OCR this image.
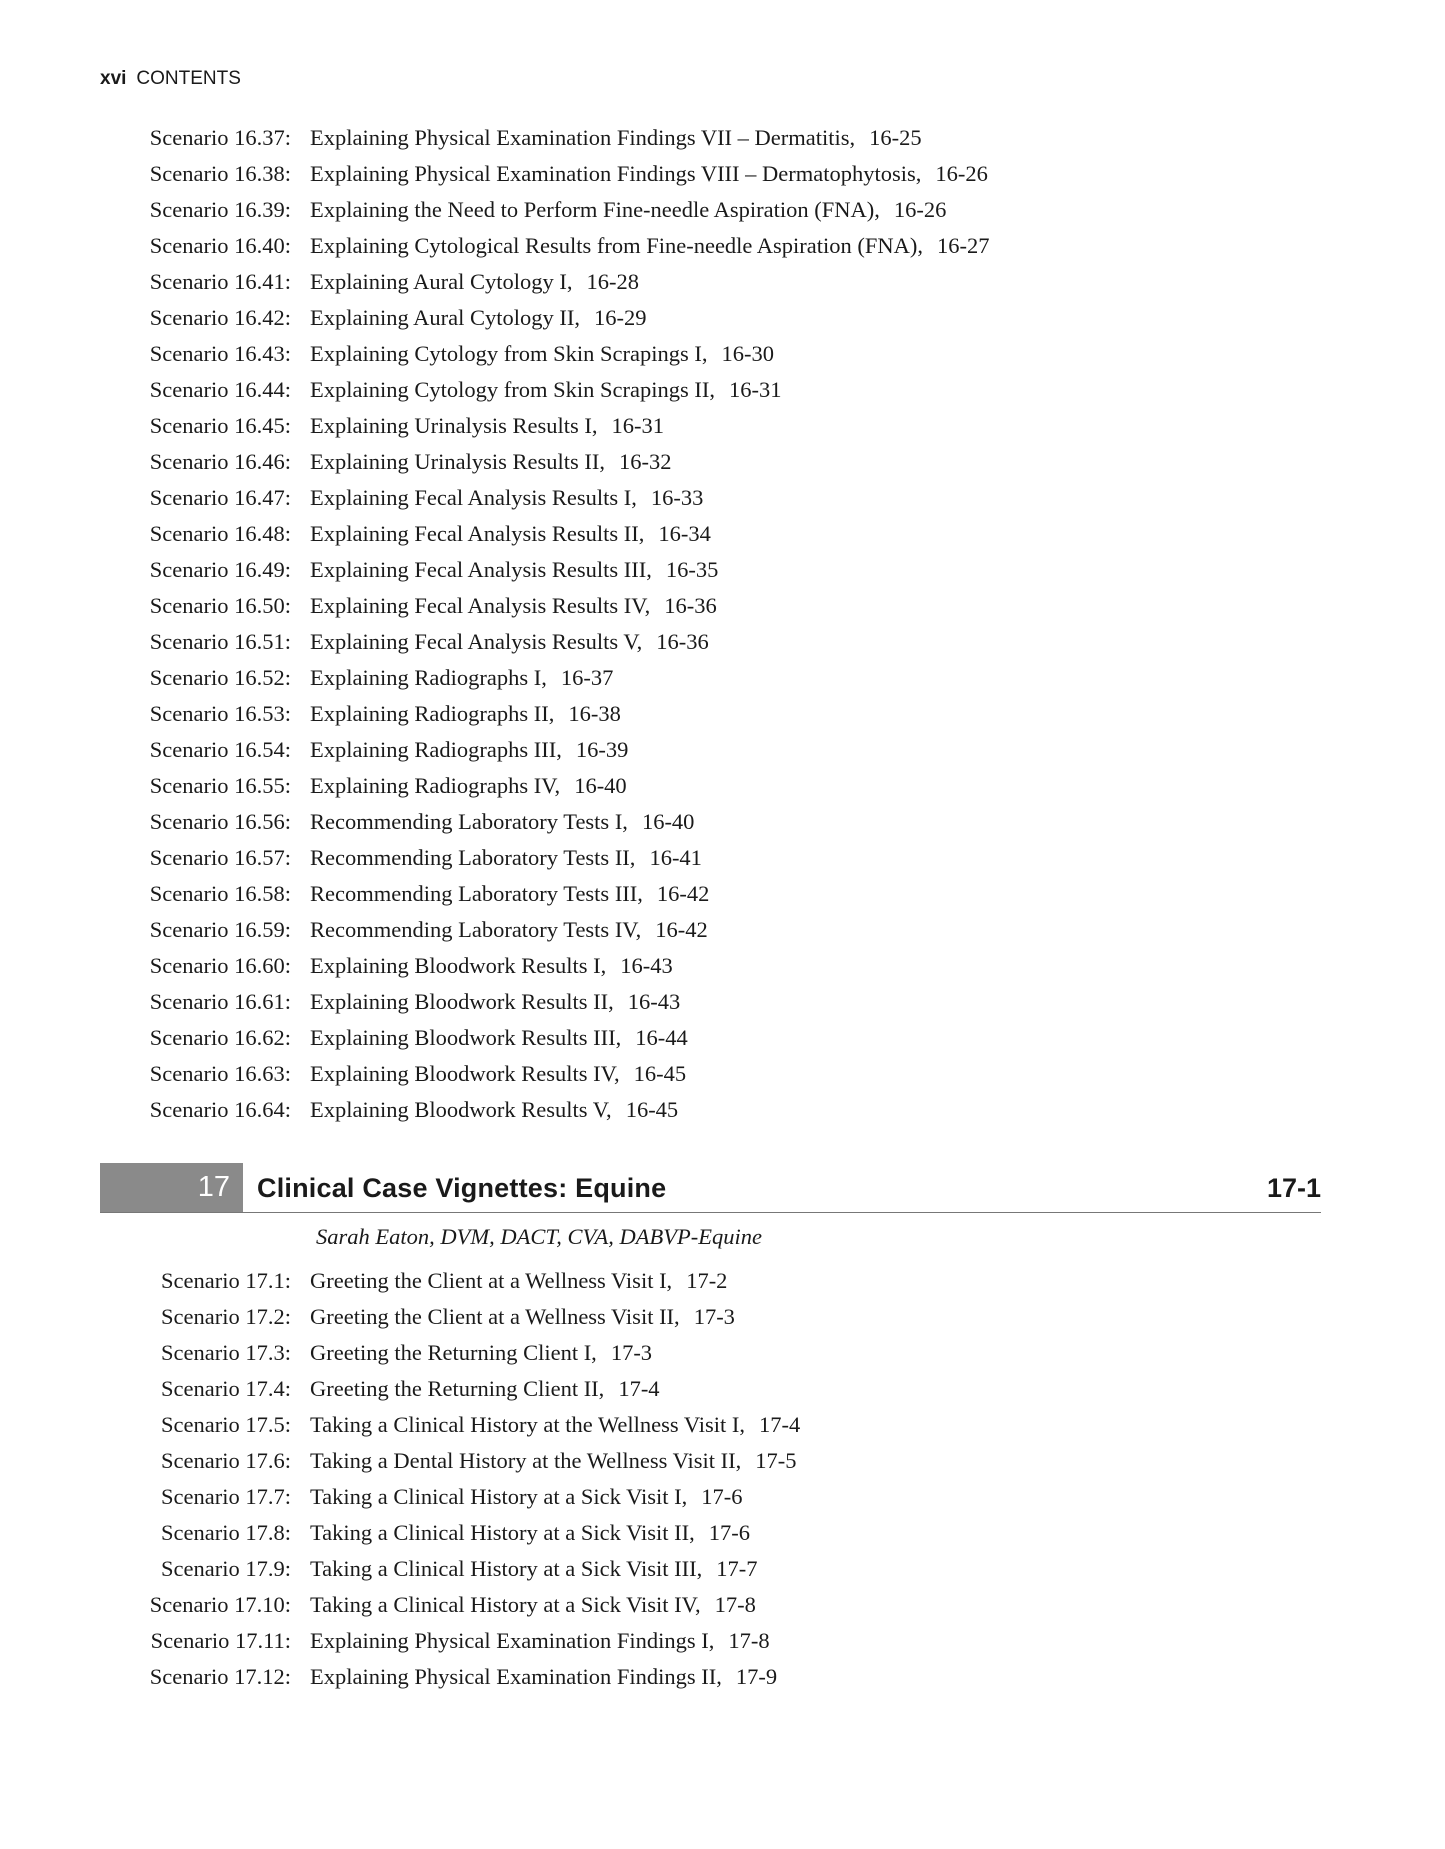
xvi CONTENTS
Scenario 16.37: Explaining Physical Examination Findings VII – Dermatitis, 16-25
Scenario 16.38: Explaining Physical Examination Findings VIII – Dermatophytosis, 16-26
Scenario 16.39: Explaining the Need to Perform Fine-needle Aspiration (FNA), 16-26
Scenario 16.40: Explaining Cytological Results from Fine-needle Aspiration (FNA), 16-27
Scenario 16.41: Explaining Aural Cytology I, 16-28
Scenario 16.42: Explaining Aural Cytology II, 16-29
Scenario 16.43: Explaining Cytology from Skin Scrapings I, 16-30
Scenario 16.44: Explaining Cytology from Skin Scrapings II, 16-31
Scenario 16.45: Explaining Urinalysis Results I, 16-31
Scenario 16.46: Explaining Urinalysis Results II, 16-32
Scenario 16.47: Explaining Fecal Analysis Results I, 16-33
Scenario 16.48: Explaining Fecal Analysis Results II, 16-34
Scenario 16.49: Explaining Fecal Analysis Results III, 16-35
Scenario 16.50: Explaining Fecal Analysis Results IV, 16-36
Scenario 16.51: Explaining Fecal Analysis Results V, 16-36
Scenario 16.52: Explaining Radiographs I, 16-37
Scenario 16.53: Explaining Radiographs II, 16-38
Scenario 16.54: Explaining Radiographs III, 16-39
Scenario 16.55: Explaining Radiographs IV, 16-40
Scenario 16.56: Recommending Laboratory Tests I, 16-40
Scenario 16.57: Recommending Laboratory Tests II, 16-41
Scenario 16.58: Recommending Laboratory Tests III, 16-42
Scenario 16.59: Recommending Laboratory Tests IV, 16-42
Scenario 16.60: Explaining Bloodwork Results I, 16-43
Scenario 16.61: Explaining Bloodwork Results II, 16-43
Scenario 16.62: Explaining Bloodwork Results III, 16-44
Scenario 16.63: Explaining Bloodwork Results IV, 16-45
Scenario 16.64: Explaining Bloodwork Results V, 16-45
17	Clinical Case Vignettes: Equine	17-1
Sarah Eaton, DVM, DACT, CVA, DABVP-Equine
Scenario 17.1: Greeting the Client at a Wellness Visit I, 17-2
Scenario 17.2: Greeting the Client at a Wellness Visit II, 17-3
Scenario 17.3: Greeting the Returning Client I, 17-3
Scenario 17.4: Greeting the Returning Client II, 17-4
Scenario 17.5: Taking a Clinical History at the Wellness Visit I, 17-4
Scenario 17.6: Taking a Dental History at the Wellness Visit II, 17-5
Scenario 17.7: Taking a Clinical History at a Sick Visit I, 17-6
Scenario 17.8: Taking a Clinical History at a Sick Visit II, 17-6
Scenario 17.9: Taking a Clinical History at a Sick Visit III, 17-7
Scenario 17.10: Taking a Clinical History at a Sick Visit IV, 17-8
Scenario 17.11: Explaining Physical Examination Findings I, 17-8
Scenario 17.12: Explaining Physical Examination Findings II, 17-9
